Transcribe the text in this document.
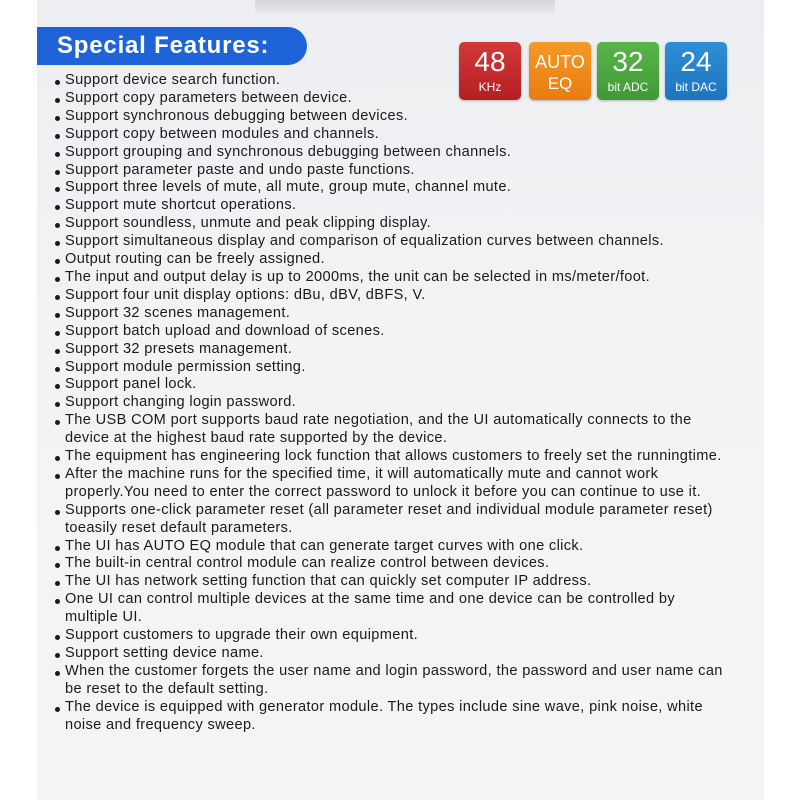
Special Features:
48
KHz
AUTO
EQ
32
bit ADC
24
bit DAC
Support device search function.
Support copy parameters between device.
Support synchronous debugging between devices.
Support copy between modules and channels.
Support grouping and synchronous debugging between channels.
Support parameter paste and undo paste functions.
Support three levels of mute, all mute, group mute, channel mute.
Support mute shortcut operations.
Support soundless, unmute and peak clipping display.
Support simultaneous display and comparison of equalization curves between channels.
Output routing can be freely assigned.
The input and output delay is up to 2000ms, the unit can be selected in ms/meter/foot.
Support four unit display options: dBu, dBV, dBFS, V.
Support 32 scenes management.
Support batch upload and download of scenes.
Support 32 presets management.
Support module permission setting.
Support panel lock.
Support changing login password.
The USB COM port supports baud rate negotiation, and the UI automatically connects to the device at the highest baud rate supported by the device.
The equipment has engineering lock function that allows customers to freely set the runningtime.
After the machine runs for the specified time, it will automatically mute and cannot work properly.You need to enter the correct password to unlock it before you can continue to use it.
Supports one-click parameter reset (all parameter reset and individual module parameter reset) toeasily reset default parameters.
The UI has AUTO EQ module that can generate target curves with one click.
The built-in central control module can realize control between devices.
The UI has network setting function that can quickly set computer IP address.
One UI can control multiple devices at the same time and one device can be controlled by multiple UI.
Support customers to upgrade their own equipment.
Support setting device name.
When the customer forgets the user name and login password, the password and user name can be reset to the default setting.
The device is equipped with generator module. The types include sine wave, pink noise, white noise and frequency sweep.
